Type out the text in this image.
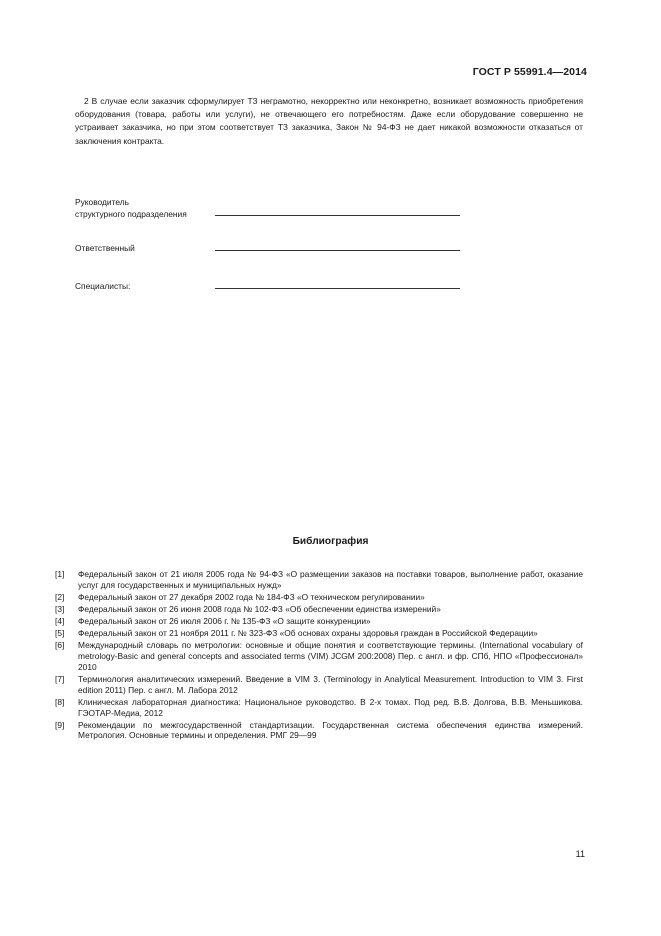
ГОСТ Р 55991.4—2014

2 В случае если заказчик сформулирует ТЗ неграмотно, некорректно или неконкретно, возникает возможность приобретения оборудования (товара, работы или услуги), не отвечающего его потребностям. Даже если оборудование совершенно не устраивает заказчика, но при этом соответствует ТЗ заказчика, Закон № 94-ФЗ не дает никакой возможности отказаться от заключения контракта.

Руководитель
структурного подразделения
Ответственный
Специалисты:
Библиография
[1]	Федеральный закон от 21 июля 2005 года № 94-ФЗ «О размещении заказов на поставки товаров, выполнение работ, оказание услуг для государственных и муниципальных нужд»
[2]	Федеральный закон от 27 декабря 2002 года № 184-ФЗ «О техническом регулировании»
[3]	Федеральный закон от 26 июня 2008 года № 102-ФЗ «Об обеспечении единства измерений»
[4]	Федеральный закон от 26 июля 2006 г. № 135-ФЗ «О защите конкуренции»
[5]	Федеральный закон от 21 ноября 2011 г. № 323-ФЗ «Об основах охраны здоровья граждан в Российской Федерации»
[6]	Международный словарь по метрологии: основные и общие понятия и соответствующие термины. (International vocabulary of metrology-Basic and general concepts and associated terms (VIM) JCGM 200:2008) Пер. с англ. и фр. СПб, НПО «Профессионал» 2010
[7]	Терминология аналитических измерений. Введение в VIM 3. (Terminology in Analytical Measurement. Introduction to VIM 3. First edition 2011) Пер. с англ. М. Лабора 2012
[8]	Клиническая лабораторная диагностика: Национальное руководство. В 2-х томах. Под ред. В.В. Долгова, В.В. Меньшикова. ГЭОТАР-Медиа, 2012
[9]	Рекомендации по межгосударственной стандартизации. Государственная система обеспечения единства измерений. Метрология. Основные термины и определения. РМГ 29—99
11
